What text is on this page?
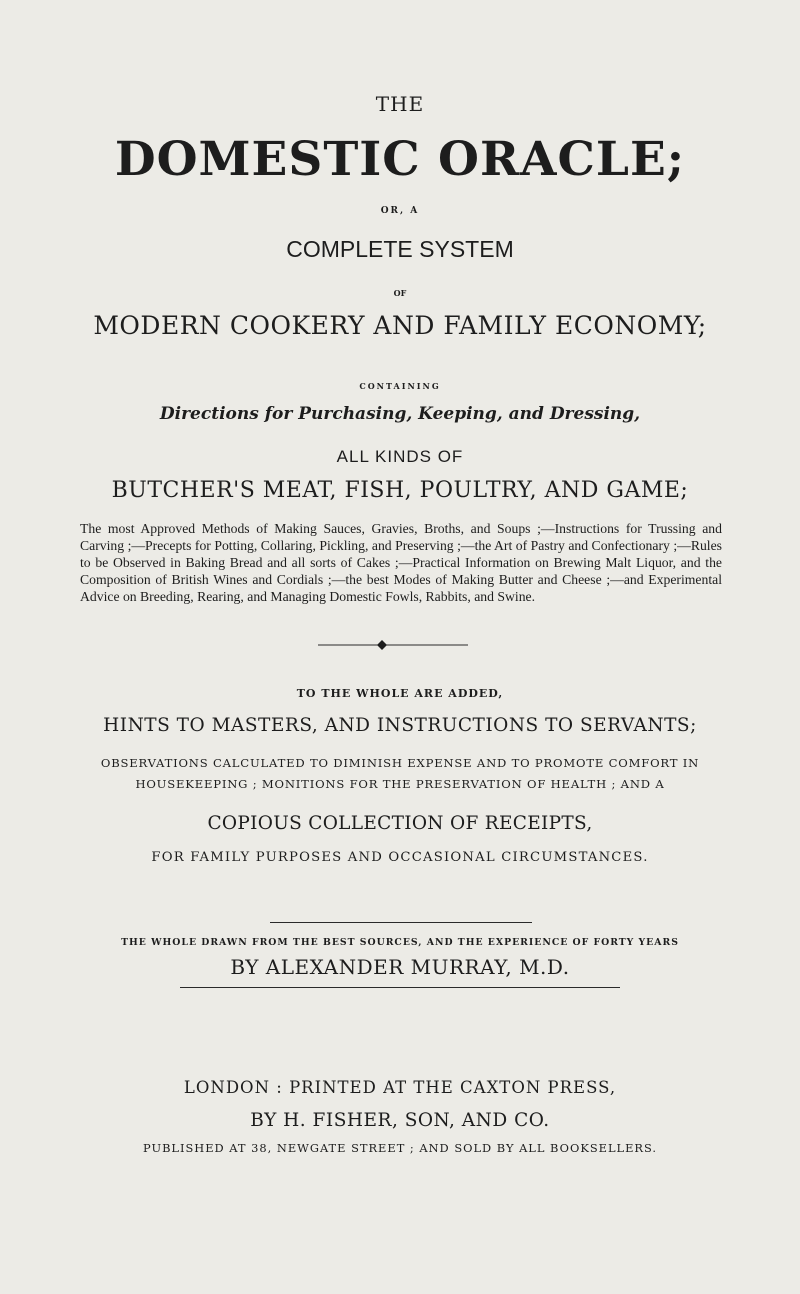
THE
DOMESTIC ORACLE;
OR, A
COMPLETE SYSTEM
OF
MODERN COOKERY AND FAMILY ECONOMY;
CONTAINING
Directions for Purchasing, Keeping, and Dressing,
ALL KINDS OF
BUTCHER'S MEAT, FISH, POULTRY, AND GAME;
The most Approved Methods of Making Sauces, Gravies, Broths, and Soups ;—Instructions for Trussing and Carving ;—Precepts for Potting, Collaring, Pickling, and Preserving ;—the Art of Pastry and Confectionary ;—Rules to be Observed in Baking Bread and all sorts of Cakes ;—Practical Information on Brewing Malt Liquor, and the Composition of British Wines and Cordials ;—the best Modes of Making Butter and Cheese ;—and Experimental Advice on Breeding, Rearing, and Managing Domestic Fowls, Rabbits, and Swine.
TO THE WHOLE ARE ADDED,
HINTS TO MASTERS, AND INSTRUCTIONS TO SERVANTS;
OBSERVATIONS CALCULATED TO DIMINISH EXPENSE AND TO PROMOTE COMFORT IN HOUSEKEEPING ; MONITIONS FOR THE PRESERVATION OF HEALTH ; AND A
COPIOUS COLLECTION OF RECEIPTS,
FOR FAMILY PURPOSES AND OCCASIONAL CIRCUMSTANCES.
THE WHOLE DRAWN FROM THE BEST SOURCES, AND THE EXPERIENCE OF FORTY YEARS
BY ALEXANDER MURRAY, M.D.
LONDON : PRINTED AT THE CAXTON PRESS,
BY H. FISHER, SON, AND CO.
PUBLISHED AT 38, NEWGATE STREET ; AND SOLD BY ALL BOOKSELLERS.
